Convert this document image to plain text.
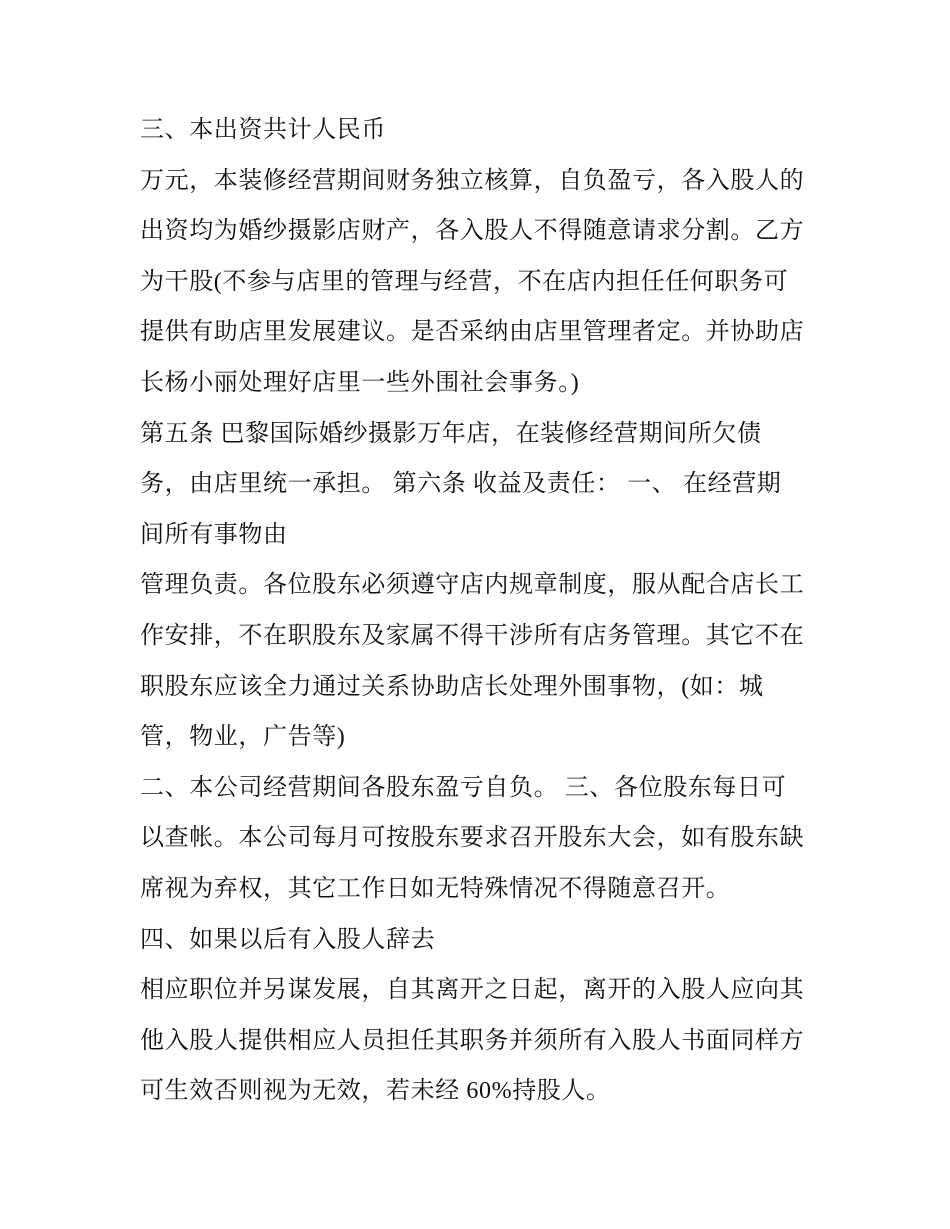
三、本出资共计人民币
万元，本装修经营期间财务独立核算，自负盈亏，各入股人的
出资均为婚纱摄影店财产，各入股人不得随意请求分割。乙方
为干股(不参与店里的管理与经营，不在店内担任任何职务可
提供有助店里发展建议。是否采纳由店里管理者定。并协助店
长杨小丽处理好店里一些外围社会事务。)
第五条 巴黎国际婚纱摄影万年店，在装修经营期间所欠债
务，由店里统一承担。 第六条 收益及责任： 一、 在经营期
间所有事物由
管理负责。各位股东必须遵守店内规章制度，服从配合店长工
作安排，不在职股东及家属不得干涉所有店务管理。其它不在
职股东应该全力通过关系协助店长处理外围事物，(如：城
管，物业，广告等)
二、本公司经营期间各股东盈亏自负。 三、各位股东每日可
以查帐。本公司每月可按股东要求召开股东大会，如有股东缺
席视为弃权，其它工作日如无特殊情况不得随意召开。
四、如果以后有入股人辞去
相应职位并另谋发展，自其离开之日起，离开的入股人应向其
他入股人提供相应人员担任其职务并须所有入股人书面同样方
可生效否则视为无效，若未经 60%持股人。
